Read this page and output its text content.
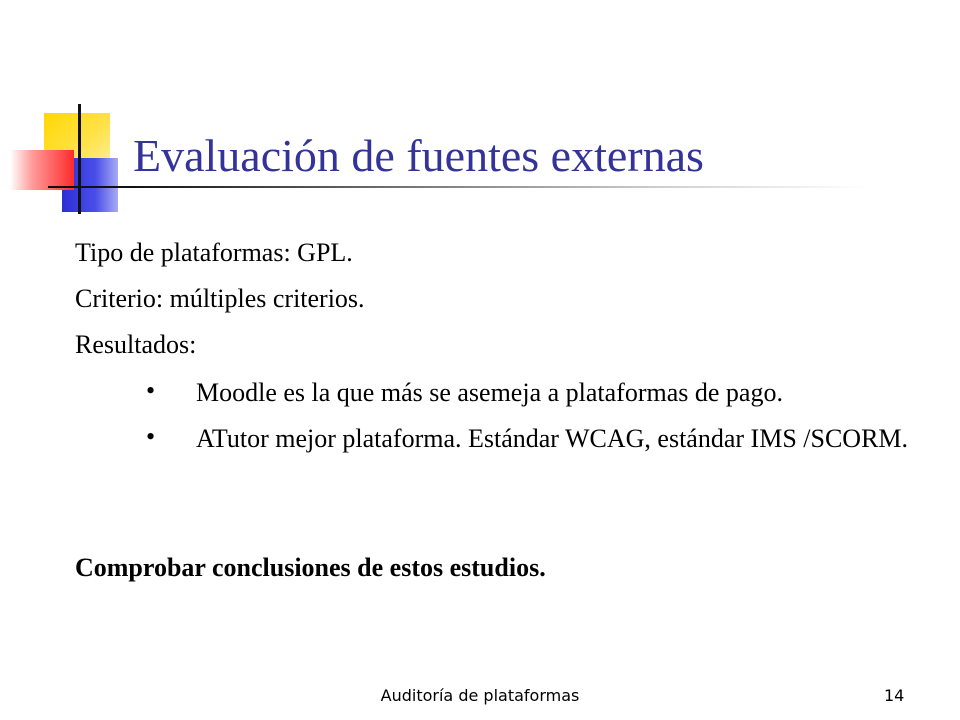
Evaluación de fuentes externas

Tipo de plataformas: GPL.

Criterio: múltiples criterios.

Resultados:

• Moodle es la que más se asemeja a plataformas de pago.

• ATutor mejor plataforma. Estándar WCAG, estándar IMS /SCORM.

Comprobar conclusiones de estos estudios.

Auditoría de plataformas	14
